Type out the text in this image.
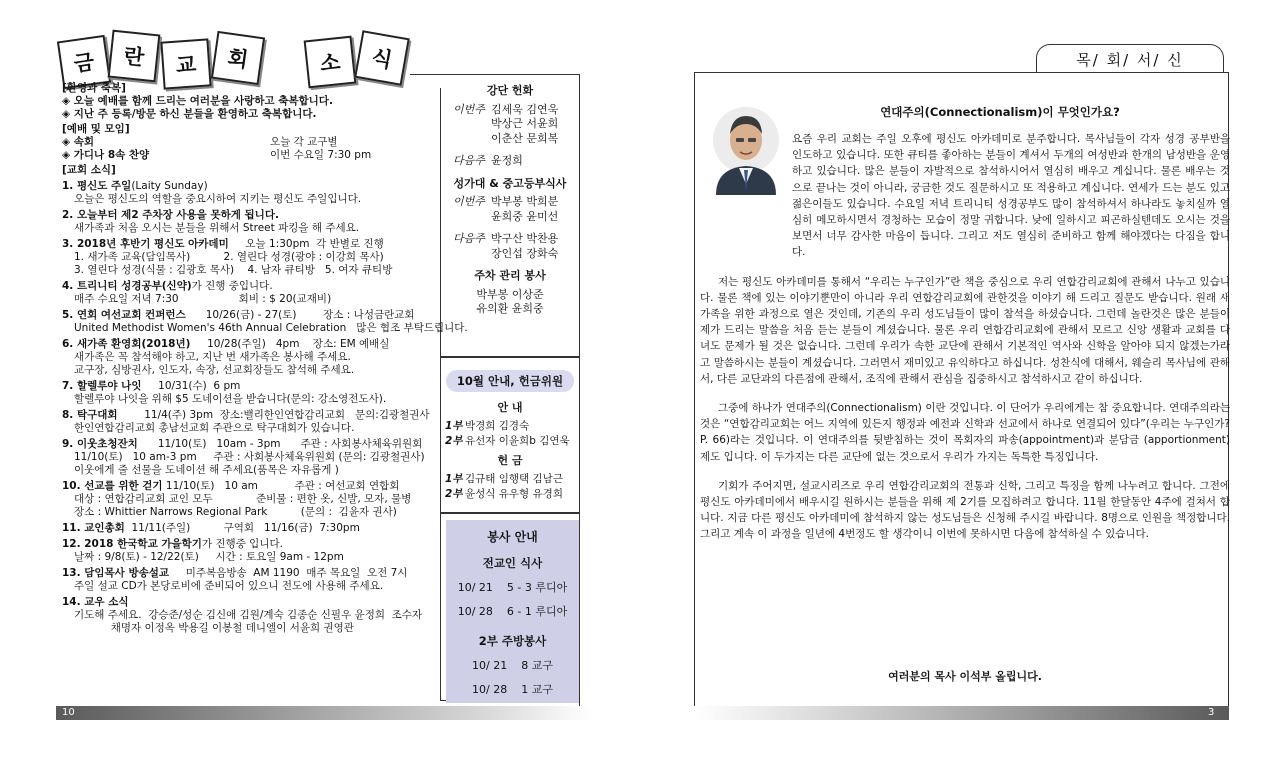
금	란	교	회	소	식
[환영과 축복]
◈ 오늘 예배를 함께 드리는 여러분을 사랑하고 축복합니다.
◈ 지난 주 등록/방문 하신 분들을 환영하고 축복합니다.
[예배 및 모임]
◈ 속회	오늘 각 교구별
◈ 가디나 8속 찬양	이번 수요일 7:30 pm
[교회 소식]
1. 평신도 주일(Laity Sunday)
오늘은 평신도의 역할을 중요시하여 지키는 평신도 주일입니다.
2. 오늘부터 제2 주차장 사용을 못하게 됩니다.
새가족과 처음 오시는 분들을 위해서 Street 파킹을 해 주세요.
3. 2018년 후반기 평신도 아카데미     오늘 1:30pm  각 반별로 진행
1. 새가족 교육(담임목사)          2. 열린다 성경(광야 : 이강희 목사)
3. 열린다 성경(식물 : 김광호 목사)    4. 남자 큐티방   5. 여자 큐티방
4. 트리니티 성경공부(신약)가 진행 중입니다.
매주 수요일 저녁 7:30                  회비 : $ 20(교재비)
5. 연회 여선교회 컨퍼런스      10/26(금) - 27(토)        장소 : 나성금란교회
United Methodist Women's 46th Annual Celebration   많은 협조 부탁드립니다.
6. 새가족 환영회(2018년)     10/28(주일)   4pm    장소: EM 예배실
새가족은 꼭 참석해야 하고, 지난 번 새가족은 봉사해 주세요.
교구장, 심방권사, 인도자, 속장, 선교회장들도 참석해 주세요.
7. 할렐루야 나잇     10/31(수)  6 pm
할렐루야 나잇을 위해 $5 도네이션을 받습니다(문의: 강소영전도사).
8. 탁구대회        11/4(주) 3pm  장소:밸리한인연합감리교회   문의:김광철권사
한인연합감리교회 총남선교회 주관으로 탁구대회가 있습니다.
9. 이웃초청잔치      11/10(토)   10am - 3pm      주관 : 사회봉사체육위원회
11/10(토)   10 am-3 pm     주관 : 사회봉사체육위원회 (문의: 김광철권사)
이웃에게 줄 선물을 도네이션 해 주세요(품목은 자유롭게 )
10. 선교를 위한 걷기 11/10(토)   10 am           주관 : 여선교회 연합회
대상 : 연합감리교회 교인 모두             준비물 : 편한 옷, 신발, 모자, 물병
장소 : Whittier Narrows Regional Park          (문의 :  김윤자 권사)
11. 교인총회  11/11(주일)          구역회   11/16(금)  7:30pm
12. 2018 한국학교 가을학기가 진행중 입니다.
날짜 : 9/8(토) - 12/22(토)     시간 : 토요일 9am - 12pm
13. 담임목사 방송설교     미주복음방송  AM 1190  매주 목요일  오전 7시
주일 설교 CD가 본당로비에 준비되어 있으니 전도에 사용해 주세요.
14. 교우 소식
기도해 주세요.  강승준/성순 김신애 김원/계숙 김종순 신필우 윤정희  조수자
채명자 이정옥 박용길 이봉철 데니엘이 서윤희 권영관
강단 헌화
이번주 김세욱 김연욱
박상근 서윤희
이춘산 문희복
다음주 윤정희
성가대 & 중고등부식사
이번주 박부봉 박희분
윤희중 윤미선
다음주 박구산 박찬용
장인섭 장화숙
주차 관리 봉사
박부봉 이상준
유의환 윤희중
10월 안내, 헌금위원
안 내
1부 박경희 김경숙
2부 유선자 이윤희b 김연욱
헌 금
1부 김규태 임행택 김남근
2부 윤성식 유우형 유경희
봉사 안내
전교인 식사
10/ 21    5 - 3 루디아
10/ 28    6 - 1 루디아
2부 주방봉사
10/ 21    8 교구
10/ 28    1 교구
10
목/ 회/ 서/ 신
연대주의(Connectionalism)이 무엇인가요?

요즘 우리 교회는 주일 오후에 평신도 아카데미로 분주합니다. 목사님들이 각자 성경 공부반을 인도하고 있습니다. 또한 큐티를 좋아하는 분들이 계셔서 두개의 여성반과 한개의 남성반을 운영하고 있습니다. 많은 분들이 자발적으로 참석하시어서 열심히 배우고 계십니다. 물론 배우는 것으로 끝나는 것이 아니라, 궁금한 것도 질문하시고 또 적용하고 계십니다. 연세가 드는 분도 있고 젊은이들도 있습니다. 수요일 저녁 트리니티 성경공부도 많이 참석하셔서 하나라도 놓치실까 열심히 메모하시면서 경청하는 모습이 정말 귀합니다. 낮에 일하시고 피곤하실텐데도 오시는 것을 보면서 너무 감사한 마음이 듭니다. 그리고 저도 열심히 준비하고 함께 해야겠다는 다짐을 합니다.

저는 평신도 아카데미를 통해서 “우리는 누구인가”란 책을 중심으로 우리 연합감리교회에 관해서 나누고 있습니다. 물론 책에 있는 이야기뿐만이 아니라 우리 연합감리교회에 관한것을 이야기 해 드리고 질문도 받습니다. 원래 새가족을 위한 과정으로 열은 것인데, 기존의 우리 성도님들이 많이 참석을 하셨습니다. 그런데 놀란것은 많은 분들이 제가 드리는 말씀을 처음 듣는 분들이 계셨습니다. 물론 우리 연합감리교회에 관해서 모르고 신앙 생활과 교회를 다녀도 문제가 될 것은 없습니다. 그런데 우리가 속한 교단에 관해서 기본적인 역사와 신학을 알아야 되지 않겠는가라고 말씀하시는 분들이 계셨습니다. 그러면서 재미있고 유익하다고 하십니다. 성찬식에 대해서, 웨슬리 목사님에 관해서, 다른 교단과의 다른점에 관해서, 조직에 관해서 관심을 집중하시고 참석하시고 같이 하십니다.

그중에 하나가 연대주의(Connectionalism) 이란 것입니다. 이 단어가 우리에게는 참 중요합니다. 연대주의라는 것은 “연합감리교회는 어느 지역에 있든지 행정과 예전과 신학과 선교에서 하나로 연결되어 있다”(우리는 누구인가? P. 66)라는 것입니다. 이 연대주의를 뒷받침하는 것이 목회자의 파송(appointment)과 분담금 (apportionment) 제도 입니다. 이 두가지는 다른 교단에 없는 것으로서 우리가 가지는 독특한 특징입니다.

기회가 주어지면, 설교시리즈로 우리 연합감리교회의 전통과 신학, 그리고 특징을 함께 나누려고 합니다. 그전에 평신도 아카데미에서 배우시길 원하시는 분들을 위해 제 2기를 모집하려고 합니다. 11월 한달동안 4주에 걸쳐서 합니다. 지금 다른 평신도 아카데미에 참석하지 않는 성도님들은 신청해 주시길 바랍니다. 8명으로 인원을 책정합니다. 그리고 계속 이 과정을 일년에 4번정도 할 생각이니 이번에 못하시면 다음에 참석하실 수 있습니다.

여러분의 목사 이석부 올립니다.
3
